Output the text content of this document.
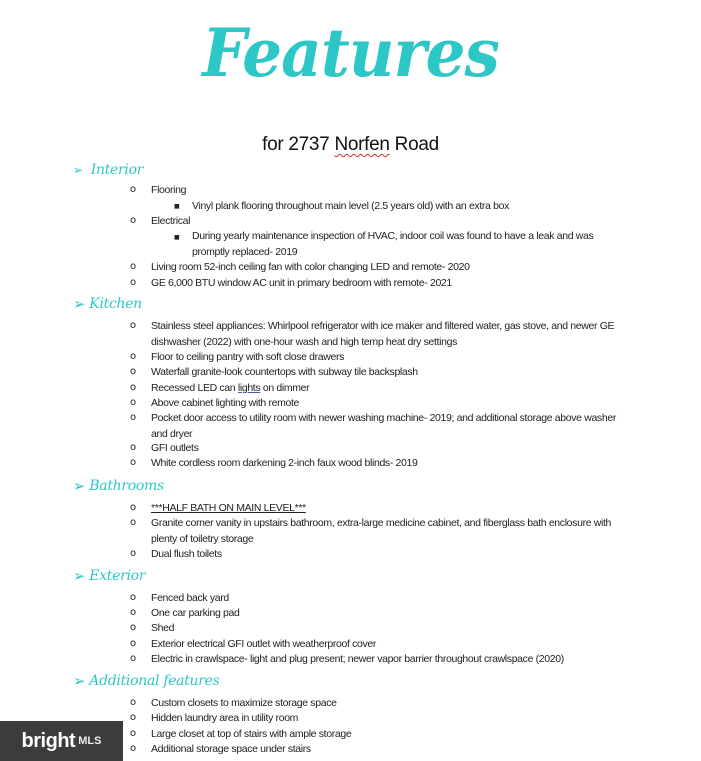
Features
for 2737 Norfen Road
➢ Interior
o Flooring
■ Vinyl plank flooring throughout main level (2.5 years old) with an extra box
o Electrical
■ During yearly maintenance inspection of HVAC, indoor coil was found to have a leak and was promptly replaced- 2019
o Living room 52-inch ceiling fan with color changing LED and remote- 2020
o GE 6,000 BTU window AC unit in primary bedroom with remote- 2021
➢ Kitchen
o Stainless steel appliances: Whirlpool refrigerator with ice maker and filtered water, gas stove, and newer GE dishwasher (2022) with one-hour wash and high temp heat dry settings
o Floor to ceiling pantry with soft close drawers
o Waterfall granite-look countertops with subway tile backsplash
o Recessed LED can lights on dimmer
o Above cabinet lighting with remote
o Pocket door access to utility room with newer washing machine- 2019; and additional storage above washer and dryer
o GFI outlets
o White cordless room darkening 2-inch faux wood blinds- 2019
➢ Bathrooms
o ***HALF BATH ON MAIN LEVEL***
o Granite corner vanity in upstairs bathroom, extra-large medicine cabinet, and fiberglass bath enclosure with plenty of toiletry storage
o Dual flush toilets
➢ Exterior
o Fenced back yard
o One car parking pad
o Shed
o Exterior electrical GFI outlet with weatherproof cover
o Electric in crawlspace- light and plug present; newer vapor barrier throughout crawlspace (2020)
➢ Additional features
o Custom closets to maximize storage space
o Hidden laundry area in utility room
o Large closet at top of stairs with ample storage
o Additional storage space under stairs
bright MLS
